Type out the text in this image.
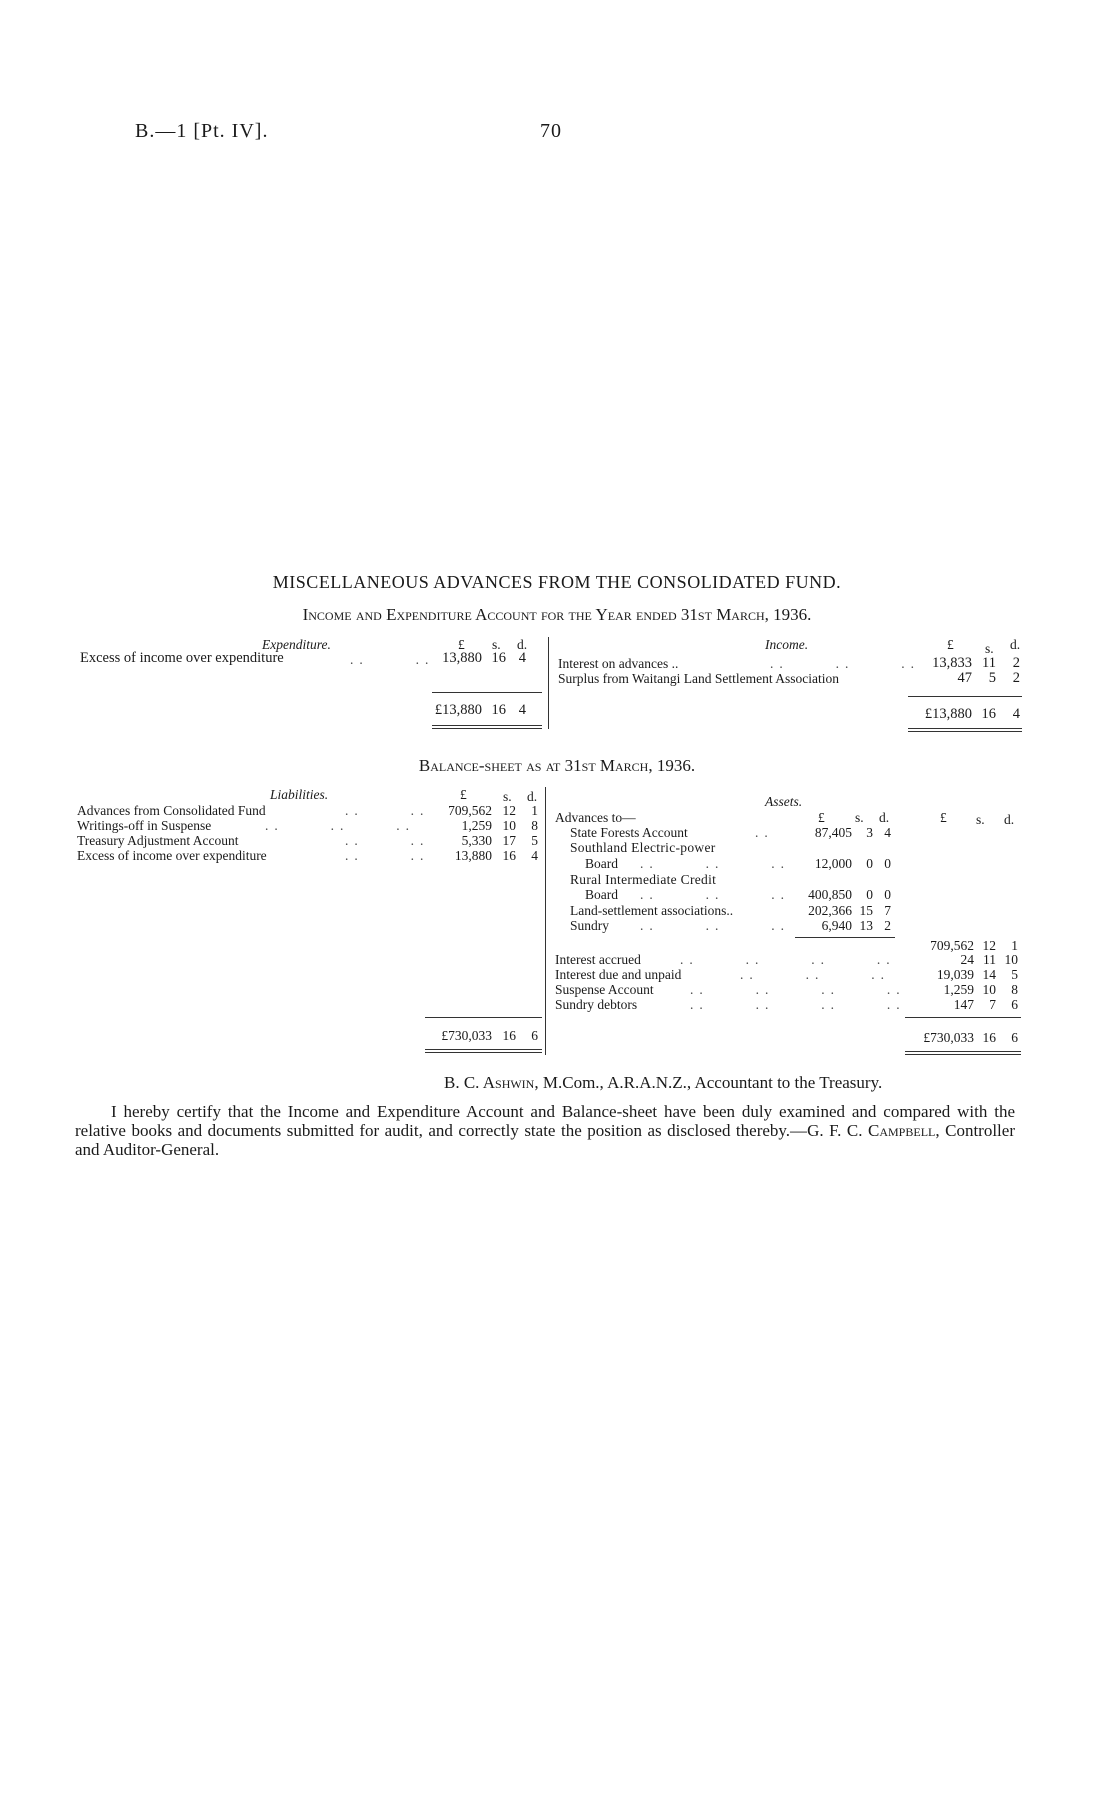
B.—1 [Pt. IV].	70
MISCELLANEOUS ADVANCES FROM THE CONSOLIDATED FUND.
Income and Expenditure Account for the Year ended 31st March, 1936.
Expenditure.	£ s. d.
Excess of income over expenditure	..     .. 13,880 16 4
£13,880 16 4
Income.	£ s. d.
Interest on advances ..	..     ..     .. 13,833 11	2
Surplus from Waitangi Land Settlement Association	47	5	2
£13,880 16	4
Balance-sheet as at 31st March, 1936.
Liabilities.	£	s. d.
Advances from Consolidated Fund	..     ..	709,562 12	1
Writings-off in Suspense	..     ..     ..	1,259 10	8
Treasury Adjustment Account	..     ..	5,330 17	5
Excess of income over expenditure	..     ..	13,880 16	4
£730,033 16	6
Assets.
£ s. d.	£ s. d.
Advances to—
State Forests Account	..	87,405	3 4
Southland Electric-power
Board ..     ..     ..	12,000	0 0
Rural Intermediate Credit
Board ..     ..     ..	400,850	0 0
Land-settlement associations..	202,366 15 7
Sundry ..     ..     ..	6,940 13 2
709,562 12	1
Interest accrued	..     ..     ..     ..	24 11 10
Interest due and unpaid	..     ..     ..	19,039 14	5
Suspense Account	..     ..     ..     ..	1,259 10	8
Sundry debtors	..     ..     ..     ..	147	7	6
£730,033 16	6
B. C. Ashwin, M.Com., A.R.A.N.Z., Accountant to the Treasury.
I hereby certify that the Income and Expenditure Account and Balance-sheet have been duly examined and compared with the relative books and documents submitted for audit, and correctly state the position as disclosed thereby.—G. F. C. Campbell, Controller and Auditor-General.
